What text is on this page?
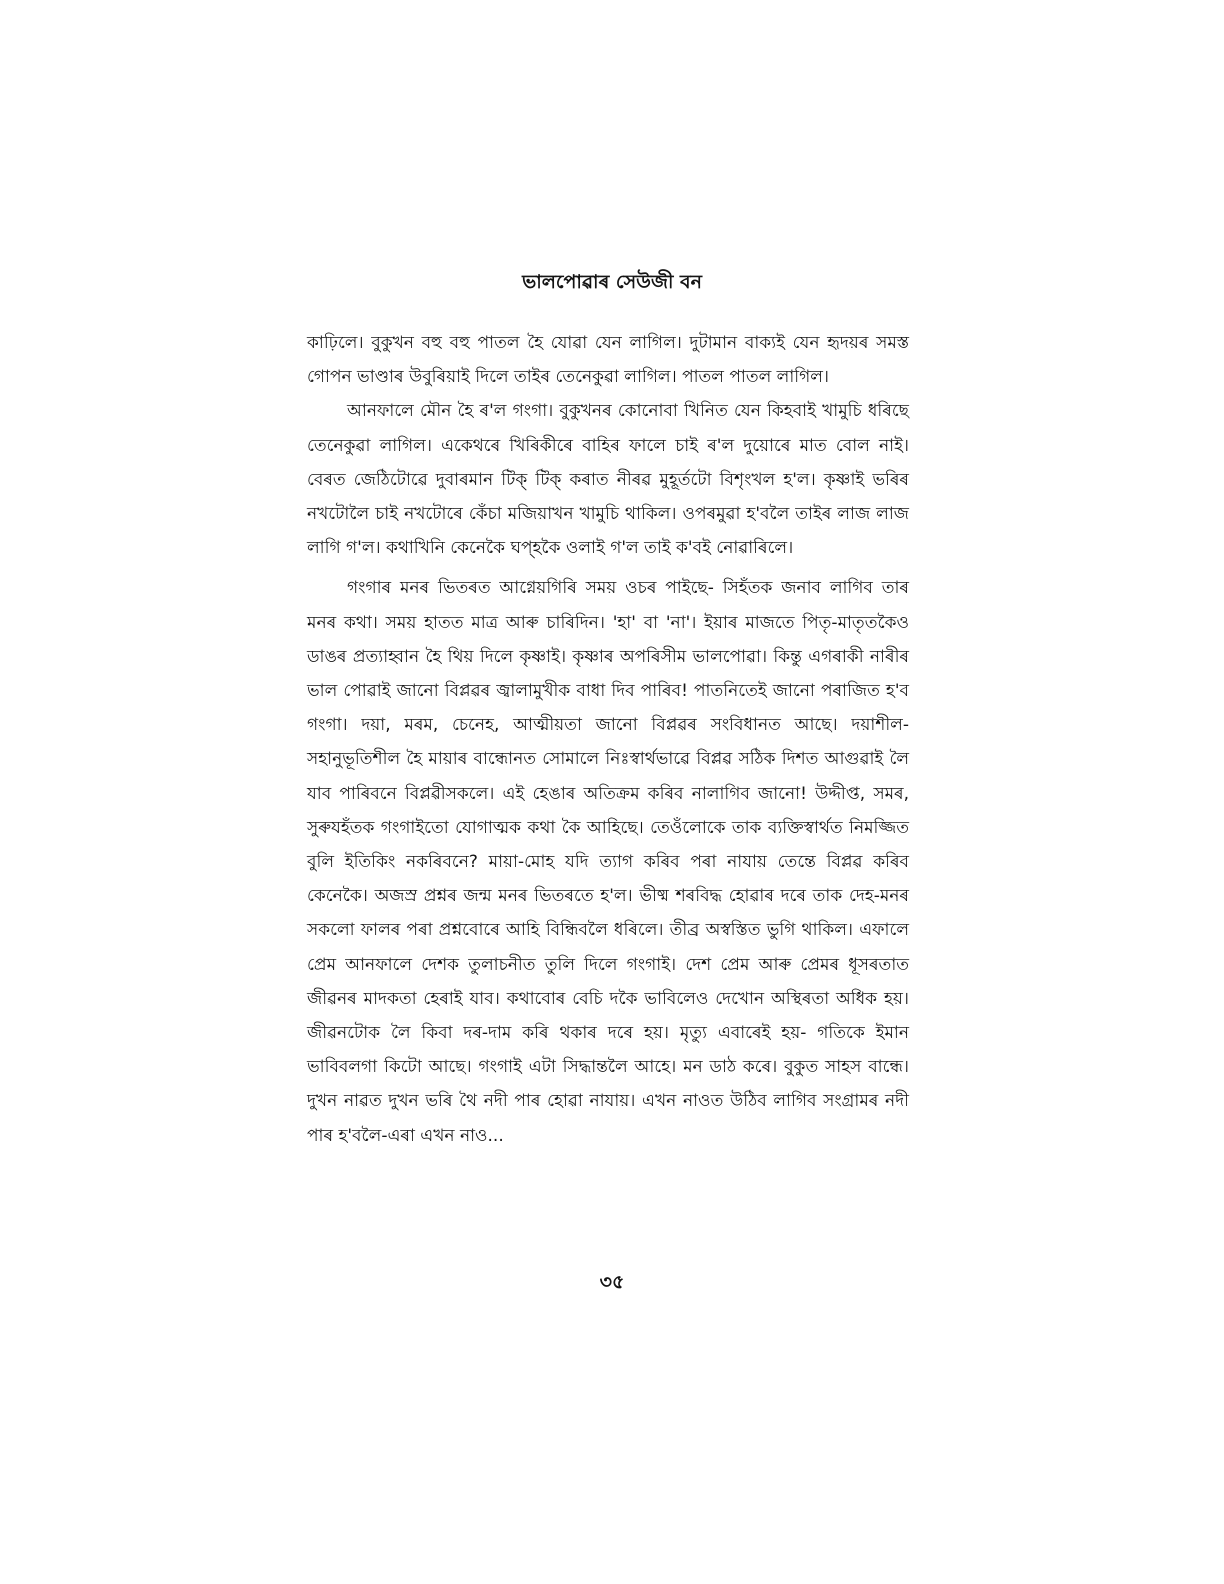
ভালপোৱাৰ সেউজী বন

কাঢ়িলে। বুকুখন বহু বহু পাতল হৈ যোৱা যেন লাগিল। দুটামান বাক্যই যেন হৃদয়ৰ সমস্ত গোপন ভাণ্ডাৰ উবুৰিয়াই দিলে তাইৰ তেনেকুৱা লাগিল। পাতল পাতল লাগিল।

আনফালে মৌন হৈ ৰ'ল গংগা। বুকুখনৰ কোনোবা খিনিত যেন কিহবাই খামুচি ধৰিছে তেনেকুৱা লাগিল। একেথৰে খিৰিকীৰে বাহিৰ ফালে চাই ৰ'ল দুয়োৰে মাত বোল নাই। বেৰত জেঠিটোৱে দুবাৰমান টিক্ টিক্ কৰাত নীৰৱ মুহূৰ্তটো বিশৃংখল হ'ল। কৃষ্ণাই ভৰিৰ নখটোলৈ চাই নখটোৰে কেঁচা মজিয়াখন খামুচি থাকিল। ওপৰমুৱা হ'বলৈ তাইৰ লাজ লাজ লাগি গ'ল। কথাখিনি কেনেকৈ ঘপ্‌হকৈ ওলাই গ'ল তাই ক'বই নোৱাৰিলে।

গংগাৰ মনৰ ভিতৰত আগ্নেয়গিৰি সময় ওচৰ পাইছে- সিহঁতক জনাব লাগিব তাৰ মনৰ কথা। সময় হাতত মাত্ৰ আৰু চাৰিদিন। 'হা' বা 'না'। ইয়াৰ মাজতে পিতৃ-মাতৃতকৈও ডাঙৰ প্ৰত্যাহ্বান হৈ থিয় দিলে কৃষ্ণাই। কৃষ্ণাৰ অপৰিসীম ভালপোৱা। কিন্তু এগৰাকী নাৰীৰ ভাল পোৱাই জানো বিপ্লৱৰ জ্বালামুখীক বাধা দিব পাৰিব! পাতনিতেই জানো পৰাজিত হ'ব গংগা। দয়া, মৰম, চেনেহ, আত্মীয়তা জানো বিপ্লৱৰ সংবিধানত আছে। দয়াশীল-সহানুভূতিশীল হৈ মায়াৰ বান্ধোনত সোমালে নিঃস্বাৰ্থভাৱে বিপ্লৱ সঠিক দিশত আগুৱাই লৈ যাব পাৰিবনে বিপ্লৱীসকলে। এই হেঙাৰ অতিক্ৰম কৰিব নালাগিব জানো! উদ্দীপ্ত, সমৰ, সুৰুযহঁতক গংগাইতো যোগাত্মক কথা কৈ আহিছে। তেওঁলোকে তাক ব্যক্তিস্বাৰ্থত নিমজ্জিত বুলি ইতিকিং নকৰিবনে? মায়া-মোহ যদি ত্যাগ কৰিব পৰা নাযায় তেন্তে বিপ্লৱ কৰিব কেনেকৈ। অজস্ৰ প্ৰশ্নৰ জন্ম মনৰ ভিতৰতে হ'ল। ভীষ্ম শৰবিদ্ধ হোৱাৰ দৰে তাক দেহ-মনৰ সকলো ফালৰ পৰা প্ৰশ্নবোৰে আহি বিন্ধিবলৈ ধৰিলে। তীব্ৰ অস্বস্তিত ভুগি থাকিল। এফালে প্ৰেম আনফালে দেশক তুলাচনীত তুলি দিলে গংগাই। দেশ প্ৰেম আৰু প্ৰেমৰ ধূসৰতাত জীৱনৰ মাদকতা হেৰাই যাব। কথাবোৰ বেচি দকৈ ভাবিলেও দেখোন অস্থিৰতা অধিক হয়। জীৱনটোক লৈ কিবা দৰ-দাম কৰি থকাৰ দৰে হয়। মৃত্যু এবাৰেই হয়- গতিকে ইমান ভাবিবলগা কিটো আছে। গংগাই এটা সিদ্ধান্তলৈ আহে। মন ডাঠ কৰে। বুকুত সাহস বান্ধে। দুখন নাৱত দুখন ভৰি থৈ নদী পাৰ হোৱা নাযায়। এখন নাওত উঠিব লাগিব সংগ্ৰামৰ নদী পাৰ হ'বলৈ-এৰা এখন নাও...

৩৫
